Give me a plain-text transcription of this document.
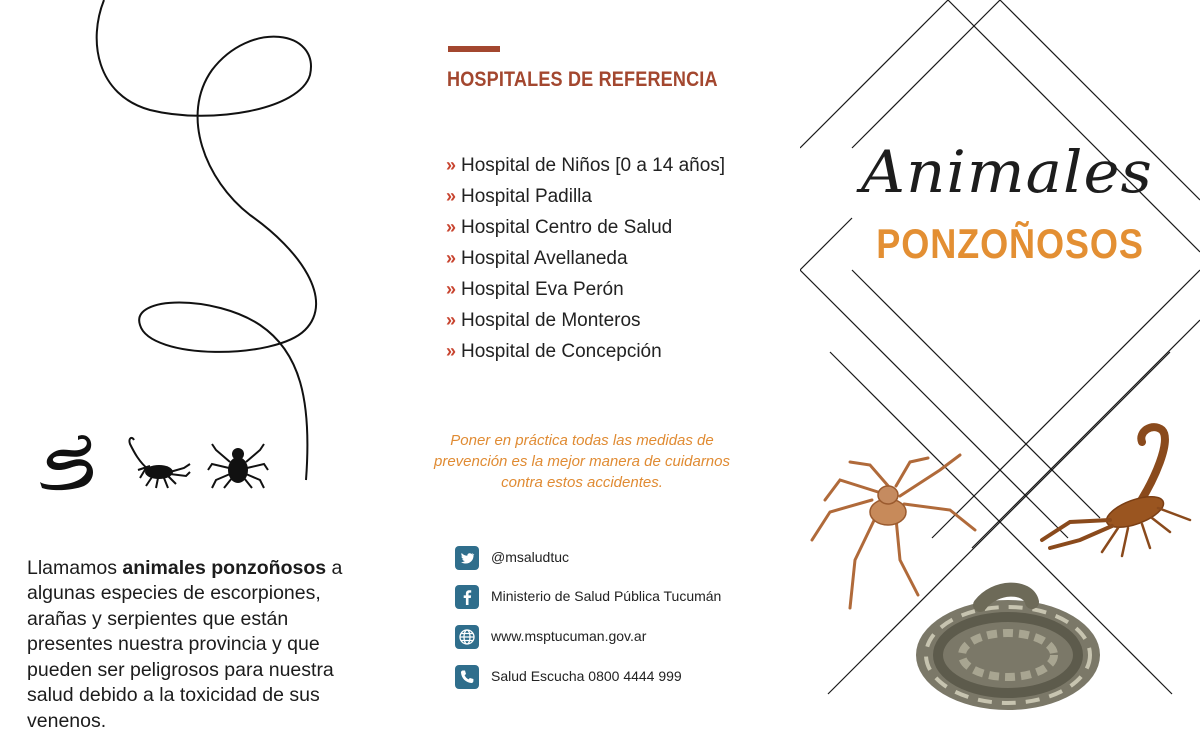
Llamamos animales ponzoñosos a algunas especies de escorpiones, arañas y serpientes que están presentes nuestra provincia y que pueden ser peligrosos para nuestra salud debido a la toxicidad de sus venenos.

HOSPITALES DE REFERENCIA
» Hospital de Niños [0 a 14 años]
» Hospital Padilla
» Hospital Centro de Salud
» Hospital Avellaneda
» Hospital Eva Perón
» Hospital de Monteros
» Hospital de Concepción

Poner en práctica todas las medidas de prevención es la mejor manera de cuidarnos contra estos accidentes.

@msaludtuc
Ministerio de Salud Pública Tucumán
www.msptucuman.gov.ar
Salud Escucha 0800 4444 999
Animales
PONZOÑOSOS
